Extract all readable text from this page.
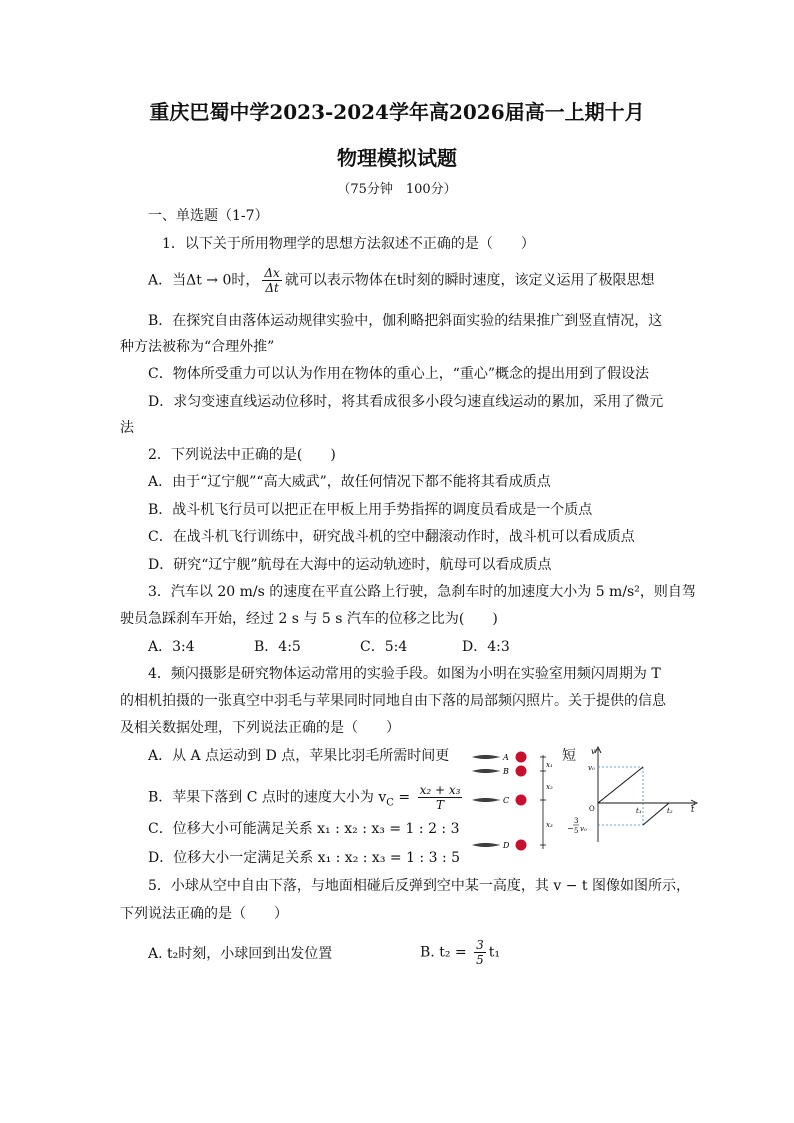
重庆巴蜀中学2023-2024学年高2026届高一上期十月
物理模拟试题
（75分钟　100分）
一、单选题（1-7）
1．以下关于所用物理学的思想方法叙述不正确的是（　　）
A．当Δt → 0时， $\frac{\Delta x}{\Delta t}$ 就可以表示物体在t时刻的瞬时速度，该定义运用了极限思想
B．在探究自由落体运动规律实验中，伽利略把斜面实验的结果推广到竖直情况，这
种方法被称为“合理外推”
C．物体所受重力可以认为作用在物体的重心上，“重心”概念的提出用到了假设法
D．求匀变速直线运动位移时，将其看成很多小段匀速直线运动的累加，采用了微元
法
2．下列说法中正确的是(　　)
A．由于“辽宁舰”“高大威武”，故任何情况下都不能将其看成质点
B．战斗机飞行员可以把正在甲板上用手势指挥的调度员看成是一个质点
C．在战斗机飞行训练中，研究战斗机的空中翻滚动作时，战斗机可以看成质点
D．研究“辽宁舰”航母在大海中的运动轨迹时，航母可以看成质点
3．汽车以 20 m/s 的速度在平直公路上行驶，急刹车时的加速度大小为 5 m/s²，则自驾
驶员急踩刹车开始，经过 2 s 与 5 s 汽车的位移之比为(　　)
A．3:4	B．4:5	C．5:4	D．4:3
4．频闪摄影是研究物体运动常用的实验手段。如图为小明在实验室用频闪周期为 T
的相机拍摄的一张真空中羽毛与苹果同时同地自由下落的局部频闪照片。关于提供的信息
及相关数据处理，下列说法正确的是（　　）
A．从 A 点运动到 D 点，苹果比羽毛所需时间更	短
B．苹果下落到 C 点时的速度大小为 $v_C = \frac{\text{x₂ + x₃}}{T}$
C．位移大小可能满足关系 x₁ : x₂ : x₃ = 1 : 2 : 3
D．位移大小一定满足关系 x₁ : x₂ : x₃ = 1 : 3 : 5
A
B
C
D
x₁
x₂
x₃
v
t
O
v₀
t₁	t₂
−
3
5 v₀
5．小球从空中自由下落，与地面相碰后反弹到空中某一高度，其 v − t 图像如图所示，
下列说法正确的是（　　）
A. t₂时刻，小球回到出发位置	B. $t_2 = \frac{3}{5} t_1$
